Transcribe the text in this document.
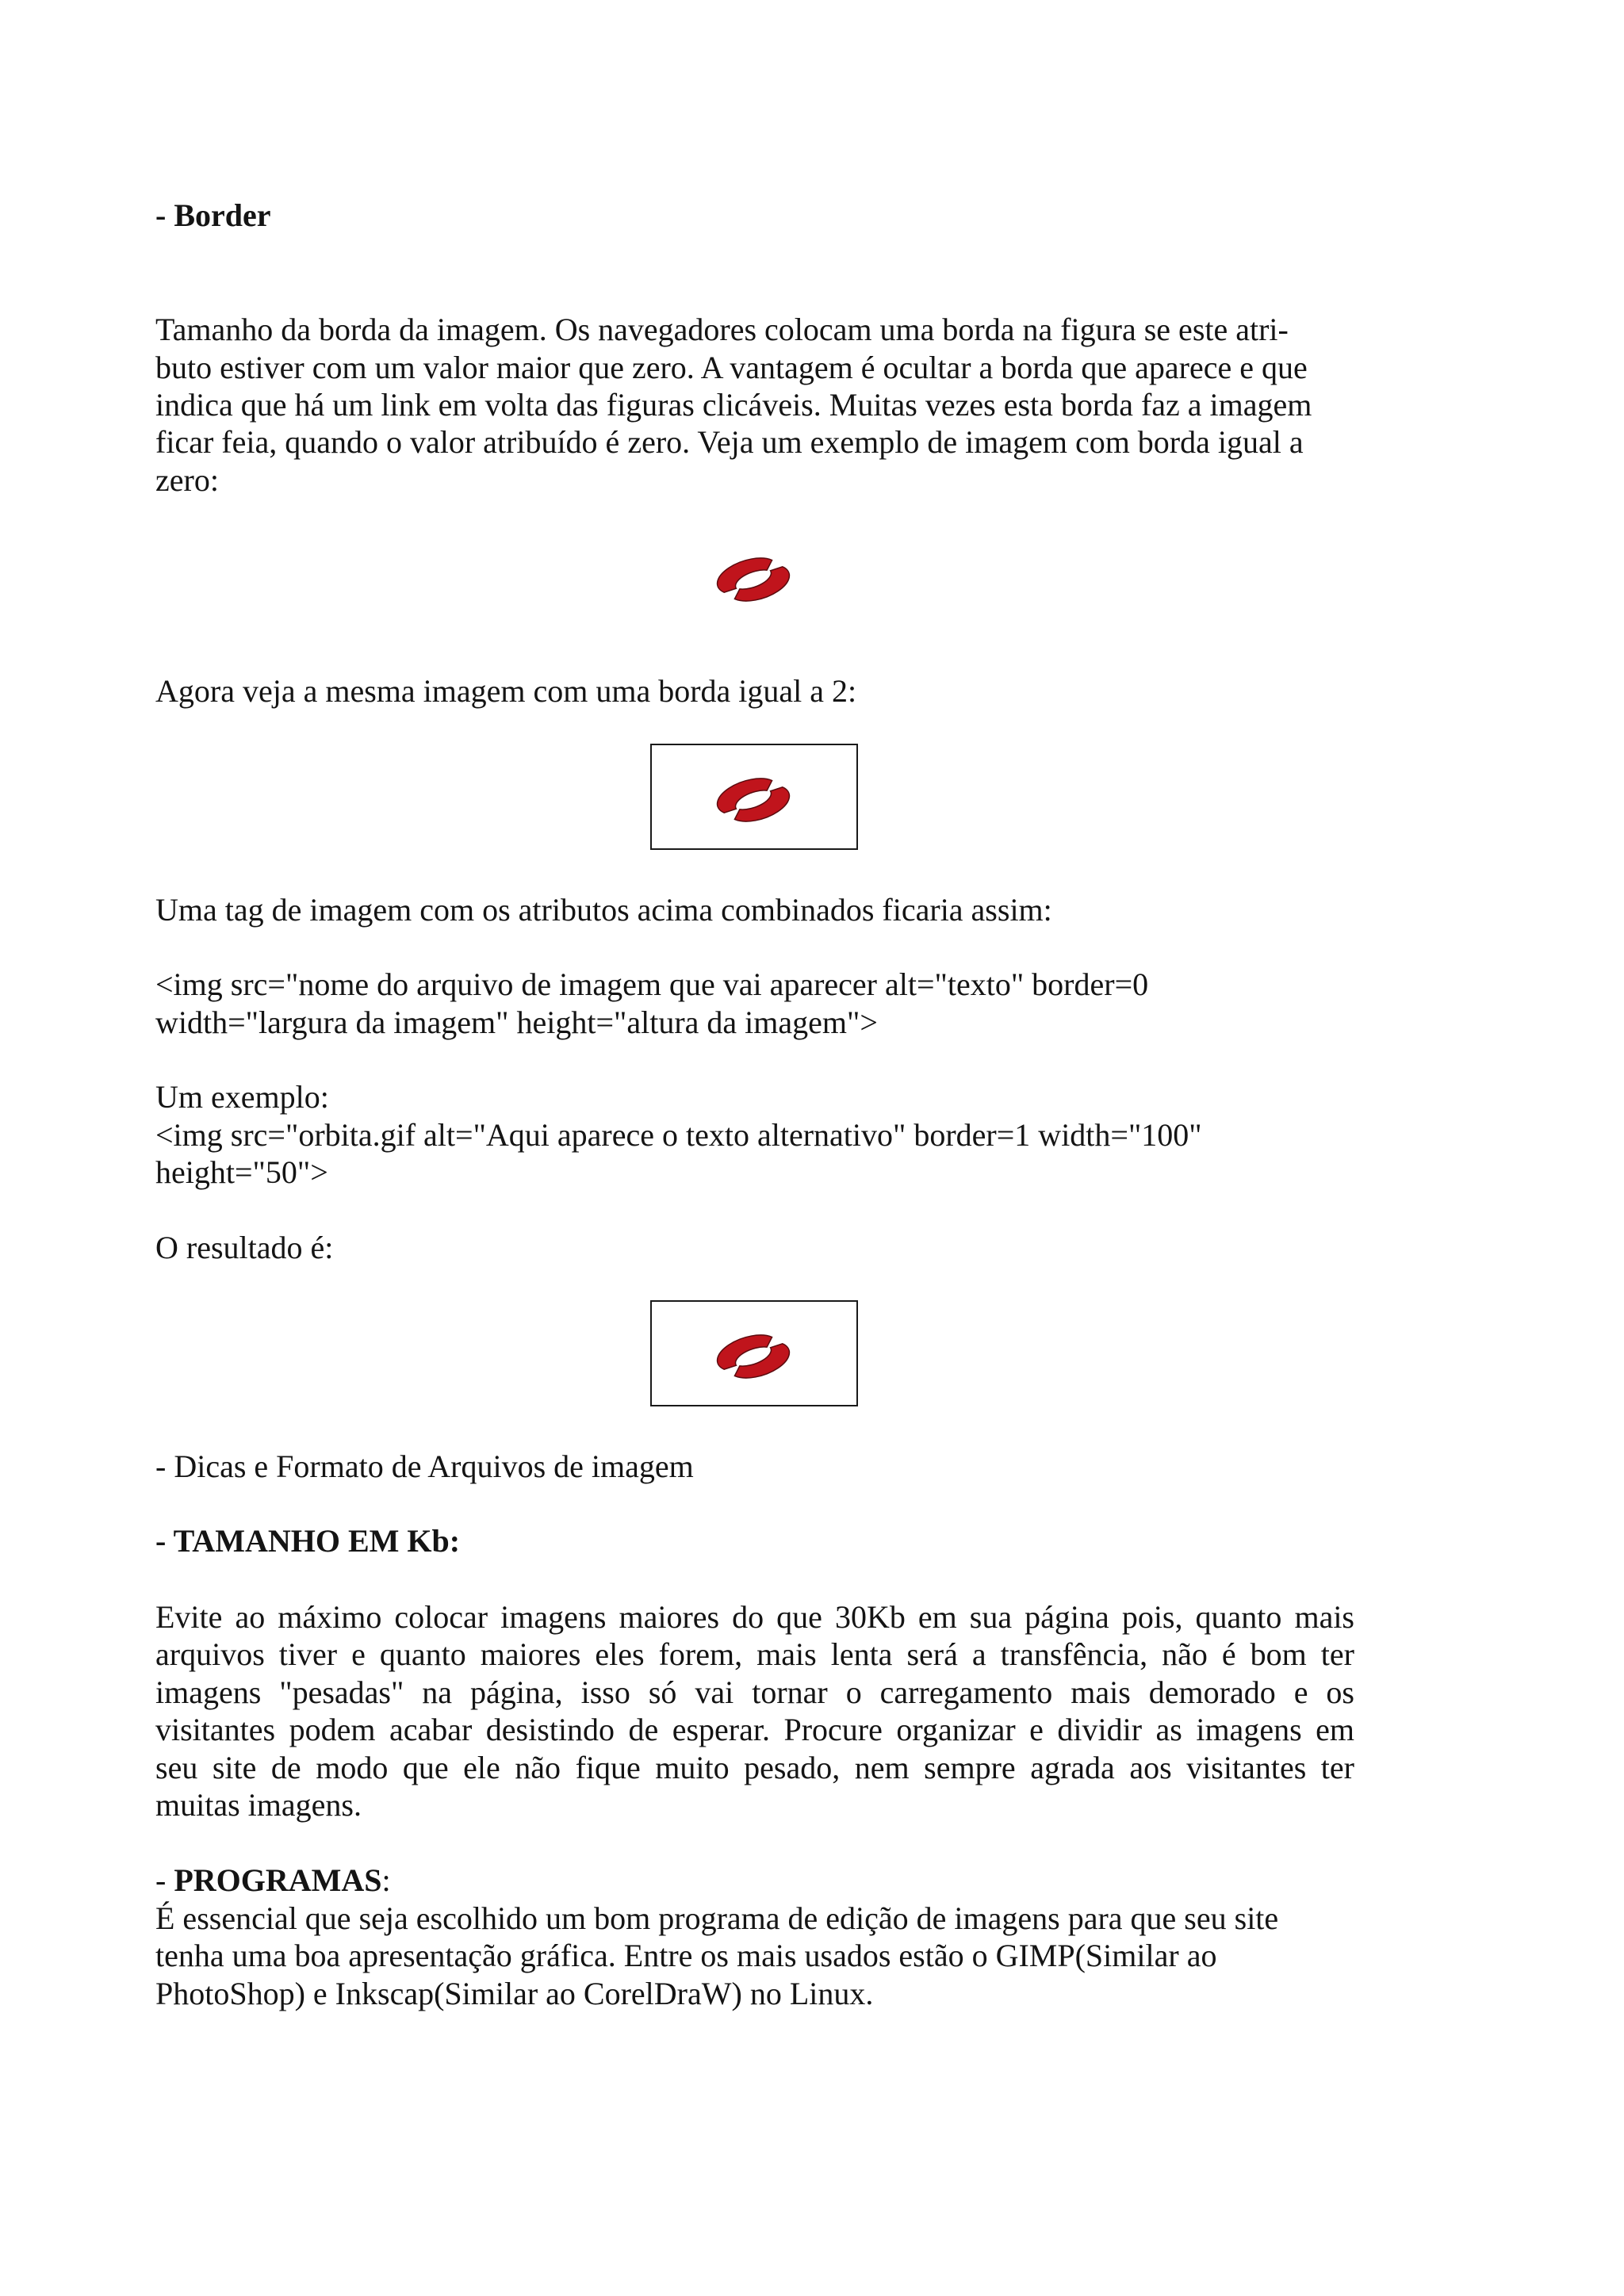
- Border

Tamanho da borda da imagem. Os navegadores colocam uma borda na figura se este atri-

buto estiver com um valor maior que zero. A vantagem é ocultar a borda que aparece e que

indica que há um link em volta das figuras clicáveis. Muitas vezes esta borda faz a imagem

ficar feia, quando o valor atribuído é zero. Veja um exemplo de imagem com borda igual a

zero:

Agora veja a mesma imagem com uma borda igual a 2:

Uma tag de imagem com os atributos acima combinados ficaria assim:

<img src="nome do arquivo de imagem que vai aparecer alt="texto" border=0

width="largura da imagem" height="altura da imagem">

Um exemplo:

<img src="orbita.gif alt="Aqui aparece o texto alternativo" border=1 width="100"

height="50">

O resultado é:

- Dicas e Formato de Arquivos de imagem

- TAMANHO EM Kb:

Evite ao máximo colocar imagens maiores do que 30Kb em sua página pois, quanto mais

arquivos tiver e quanto maiores eles forem, mais lenta será a transfência, não é bom ter

imagens "pesadas" na página, isso só vai tornar o carregamento mais demorado e os

visitantes podem acabar desistindo de esperar. Procure organizar e dividir as imagens em

seu site de modo que ele não fique muito pesado, nem sempre agrada aos visitantes ter

muitas imagens.

- PROGRAMAS:

É essencial que seja escolhido um bom programa de edição de imagens para que seu site

tenha uma boa apresentação gráfica. Entre os mais usados estão o GIMP(Similar ao

PhotoShop) e Inkscap(Similar ao CorelDraW) no Linux.
